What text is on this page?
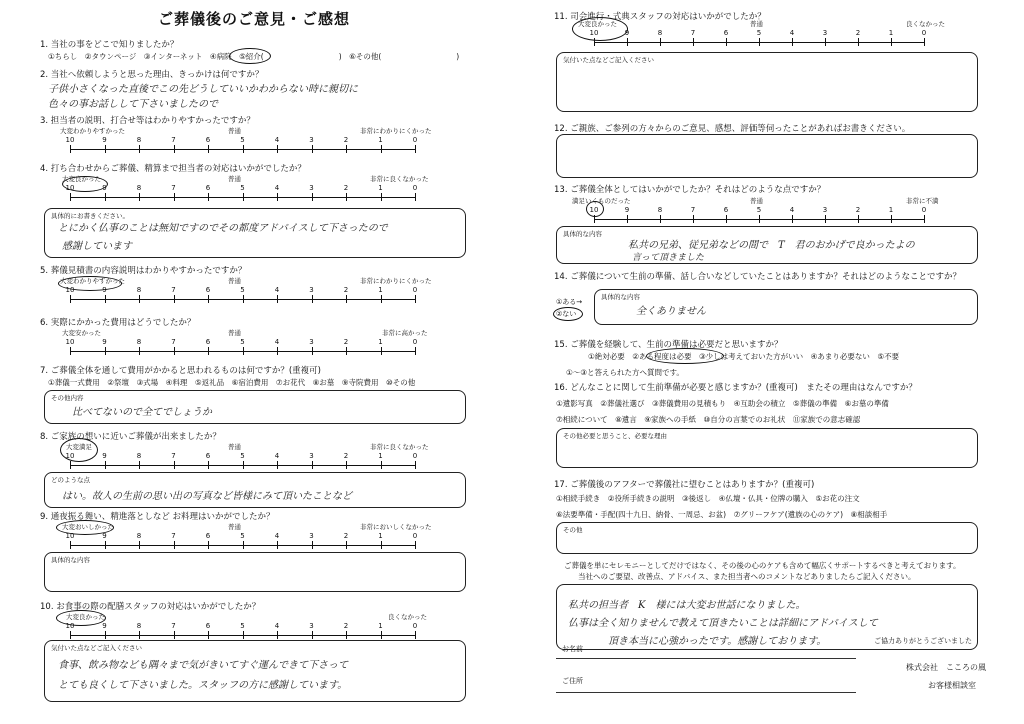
ご葬儀後のご意見・ご感想
1. 当社の事をどこで知りましたか？
①ちらし　②タウンページ　③インターネット　④病院　⑤紹介(　　　　　　　　　　)　⑥その他(　　　　　　　　　　)
2. 当社へ依頼しようと思った理由、きっかけは何ですか？
子供小さくなった直後でこの先どうしていいかわからない時に親切に
色々の事お話しして下さいましたので
3. 担当者の説明、打合せ等はわかりやすかったですか？
大変わかりやすかった	普通	非常にわかりにくかった
10	9	8	7	6	5	4	3	2	1	0
4. 打ち合わせからご葬儀、精算まで担当者の対応はいかがでしたか？
大変良かった	普通	非常に良くなかった
10	9	8	7	6	5	4	3	2	1	0
具体的にお書きください。
とにかく仏事のことは無知ですのでその都度アドバイスして下さったので
感謝しています
5. 葬儀見積書の内容説明はわかりやすかったですか？
大変わかりやすかった	普通	非常にわかりにくかった
10	9	8	7	6	5	4	3	2	1	0
6. 実際にかかった費用はどうでしたか？
大変安かった	普通	非常に高かった
10	9	8	7	6	5	4	3	2	1	0
7. ご葬儀全体を通して費用がかかると思われるものは何ですか？(重複可)
①葬儀一式費用　②祭壇　③式場　④料理　⑤返礼品　⑥宿泊費用　⑦お花代　⑧お墓　⑨寺院費用　⑩その他
その他内容
比べてないので全てでしょうか
8. ご家族の想いに近いご葬儀が出来ましたか？
大変満足	普通	非常に良くなかった
10	9	8	7	6	5	4	3	2	1	0
どのような点
はい。故人の生前の思い出の写真など皆様にみて頂いたことなど
9. 通夜振る舞い、精進落としなど お料理はいかがでしたか？
大変おいしかった	普通	非常においしくなかった
10	9	8	7	6	5	4	3	2	1	0
具体的な内容
10. お食事の際の配膳スタッフの対応はいかがでしたか？
大変良かった	良くなかった
10	9	8	7	6	5	4	3	2	1	0
気付いた点などご記入ください
食事、飲み物なども隅々まで気がきいてすぐ運んできて下さって
とても良くして下さいました。スタッフの方に感謝しています。
11. 司会進行・式典スタッフの対応はいかがでしたか？
大変良かった	普通	良くなかった
10	9	8	7	6	5	4	3	2	1	0
気付いた点などご記入ください
12. ご親族、ご参列の方々からのご意見、感想、評価等伺ったことがあればお書きください。
13. ご葬儀全体としてはいかがでしたか？それはどのような点ですか？
満足いくものだった	普通	非常に不満
10	9	8	7	6	5	4	3	2	1	0
具体的な内容
私共の兄弟、従兄弟などの間で　T　君のおかげで良かったよの
言って頂きました
14. ご葬儀について生前の準備、話し合いなどしていたことはありますか？それはどのようなことですか？
①ある→
②ない
具体的な内容
全くありません
15. ご葬儀を経験して、生前の準備は必要だと思いますか？
①絶対必要　②ある程度は必要　③少しは考えておいた方がいい　④あまり必要ない　⑤不要
①〜③と答えられた方へ質問です。
16. どんなことに関して生前準備が必要と感じますか？(重複可)　またその理由はなんですか？
①遺影写真　②葬儀社選び　③葬儀費用の見積もり　④互助会の積立　⑤葬儀の準備　⑥お墓の準備
⑦相続について　⑧遺言　⑨家族への手紙　⑩自分の言葉でのお礼状　⑪家族での意志確認
その他必要と思うこと、必要な理由
17. ご葬儀後のアフターで葬儀社に望むことはありますか？(重複可)
①相続手続き　②役所手続きの説明　③後返し　④仏壇・仏具・位牌の購入　⑤お花の注文
⑥法要準備・手配(四十九日、納骨、一周忌、お盆)　⑦グリーフケア(遺族の心のケア)　⑧相談相手
その他
ご葬儀を単にセレモニーとしてだけではなく、その後の心のケアも含めて幅広くサポートするべきと考えております。
当社へのご要望、改善点、アドバイス、また担当者へのコメントなどありましたらご記入ください。
私共の担当者　K　様には大変お世話になりました。
仏事は全く知りませんで教えて頂きたいことは詳細にアドバイスして
頂き本当に心強かったです。感謝しております。	ご協力ありがとうございました
お名前
ご住所
株式会社　こころの風
お客様相談室
